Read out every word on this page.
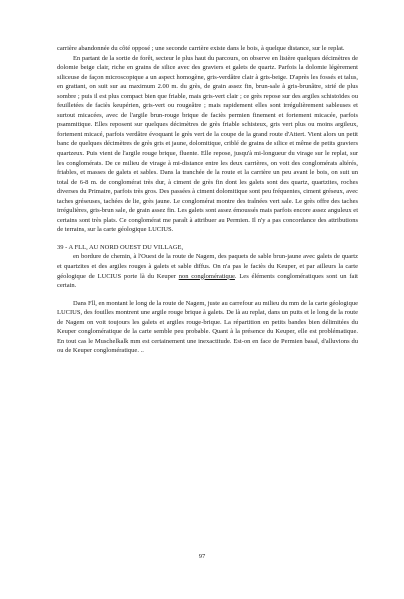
carrière abandonnée du côté opposé ; une seconde carrière existe dans le bois, à quelque distance, sur le replat.

En partant de la sortie de forêt, secteur le plus haut du parcours, on observe en lisière quelques décimètres de dolomie beige clair, riche en grains de silice avec des graviers et galets de quartz. Parfois la dolomie légèrement siliceuse de façon microscopique a un aspect homogène, gris-verdâtre clair à gris-beige. D'après les fossés et talus, en grattant, on suit sur au maximum 2.00 m. du grès, de grain assez fin, brun-sale à gris-brunâtre, strié de plus sombre ; puis il est plus compact bien que friable, mais gris-vert clair ; ce grès repose sur des argiles schistoïdes ou feuilletées de faciès keupérien, gris-vert ou rougeâtre ; mais rapidement elles sont irrégulièrement sableuses et surtout micacées, avec de l'argile brun-rouge brique de faciès permien finement et fortement micacée, parfois psammitique. Elles reposent sur quelques décimètres de grès friable schisteux, gris vert plus ou moins argileux, fortement micacé, parfois verdâtre évoquant le grès vert de la coupe de la grand route d'Attert. Vient alors un petit banc de quelques décimètres de grès gris et jaune, dolomitique, criblé de grains de silice et même de petits graviers quartzeux. Puis vient de l'argile rouge brique, fluente. Elle repose, jusqu'à mi-longueur du virage sur le replat, sur les conglomérats. De ce milieu de virage à mi-distance entre les deux carrières, on voit des conglomérats altérés, friables, et masses de galets et sables. Dans la tranchée de la route et la carrière un peu avant le bois, on suit un total de 6-8 m. de conglomérat très dur, à ciment de grès fin dont les galets sont des quartz, quartzites, roches diverses du Primaire, parfois très gros. Des passées à ciment dolomitique sont peu fréquentes, ciment gréseux, avec taches gréseuses, tachées de lie, grès jaune. Le conglomérat montre des traînées vert sale. Le grès offre des taches irrégulières, gris-brun sale, de grain assez fin. Les galets sont assez émoussés mais parfois encore assez anguleux et certains sont très plats. Ce conglomérat me paraît à attribuer au Permien. Il n'y a pas concordance des attributions de terrains, sur la carte géologique LUCIUS.

39 - A FLL, AU NORD OUEST DU VILLAGE,

en bordure de chemin, à l'Ouest de la route de Nagem, des paquets de sable brun-jaune avec galets de quartz et quartzites et des argiles rouges à galets et sable diffus. On n'a pas le faciès du Keuper, et par ailleurs la carte géologique de LUCIUS porte là du Keuper non conglomératique. Les éléments conglomératiques sont un fait certain.

Dans Fll, en montant le long de la route de Nagem, juste au carrefour au milieu du mm de la carte géologique LUCIUS, des fouilles montrent une argile rouge brique à galets. De là au replat, dans un puits et le long de la route de Nagem on voit toujours les galets et argiles rouge-brique. La répartition en petits bandes bien délimitées du Keuper conglomératique de la carte semble peu probable. Quant à la présence du Keuper, elle est problématique. En tout cas le Muschelkalk mm est certainement une inexactitude. Est-on en face de Permien basal, d'alluvions du ou de Keuper conglomératique. ..

97
